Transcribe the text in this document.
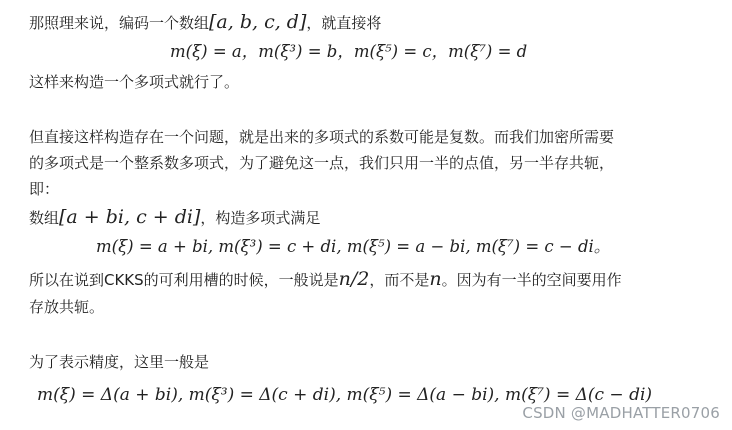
那照理来说，编码一个数组[a, b, c, d]，就直接将
m(ξ) = a，m(ξ³) = b，m(ξ⁵) = c，m(ξ⁷) = d
这样来构造一个多项式就行了。
但直接这样构造存在一个问题，就是出来的多项式的系数可能是复数。而我们加密所需要
的多项式是一个整系数多项式，为了避免这一点，我们只用一半的点值，另一半存共轭，
即：
数组[a + bi, c + di]，构造多项式满足
m(ξ) = a + bi, m(ξ³) = c + di, m(ξ⁵) = a − bi, m(ξ⁷) = c − di。
所以在说到CKKS的可利用槽的时候，一般说是n/2，而不是n。因为有一半的空间要用作
存放共轭。
为了表示精度，这里一般是
m(ξ) = Δ(a + bi), m(ξ³) = Δ(c + di), m(ξ⁵) = Δ(a − bi), m(ξ⁷) = Δ(c − di)
CSDN @MADHATTER0706
